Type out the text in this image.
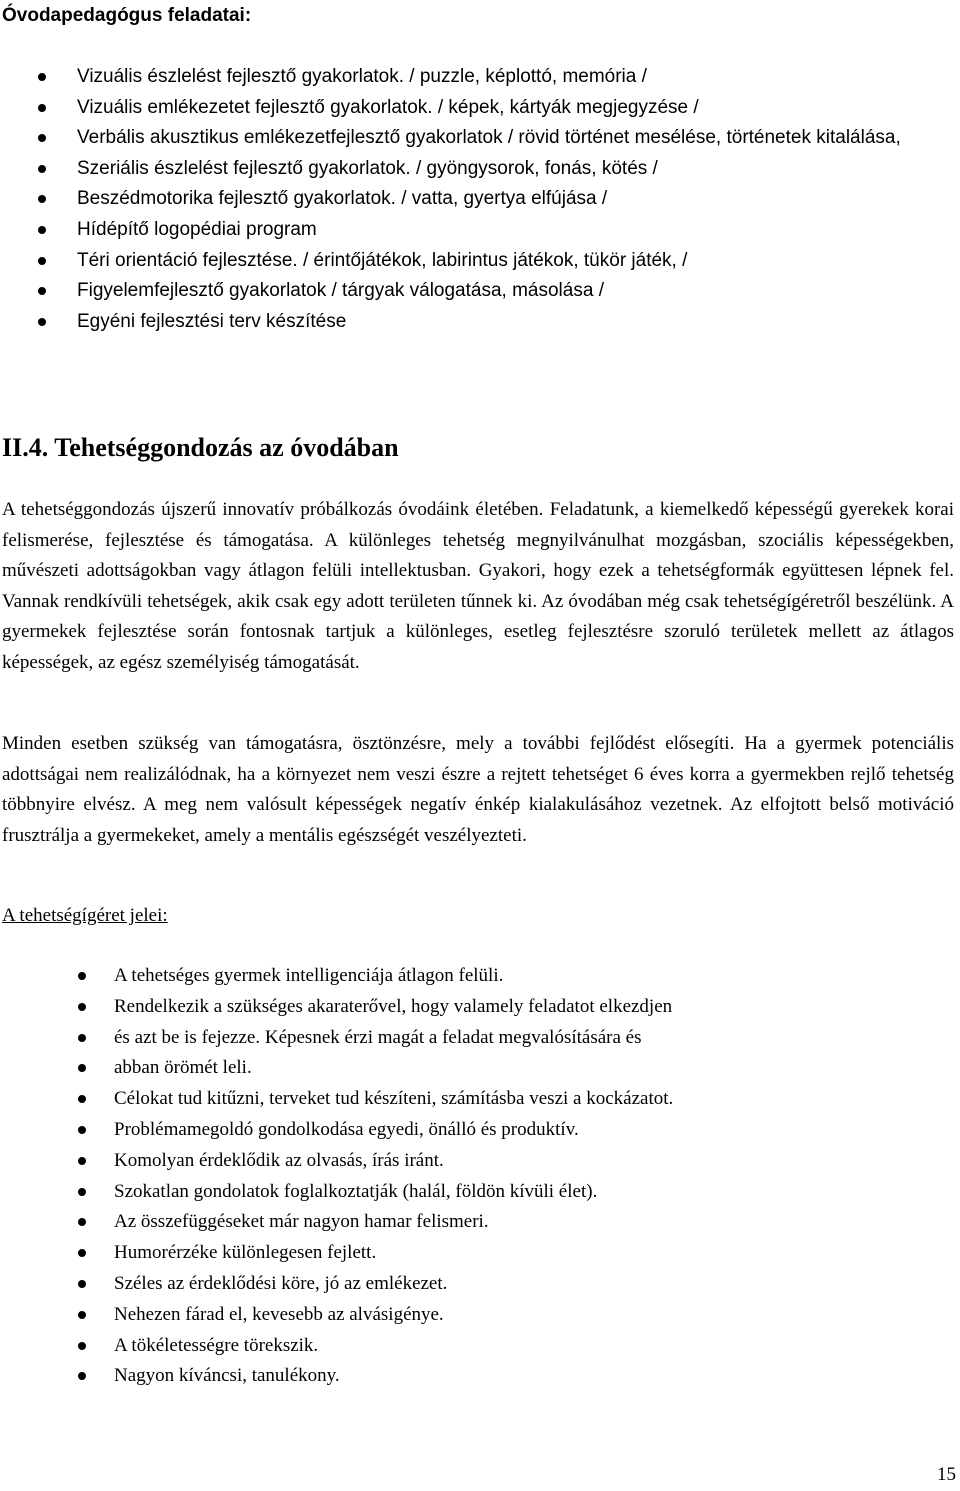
Óvodapedagógus feladatai:
Vizuális észlelést fejlesztő gyakorlatok. / puzzle, képlottó, memória /
Vizuális emlékezetet fejlesztő gyakorlatok. / képek, kártyák megjegyzése /
Verbális akusztikus emlékezetfejlesztő gyakorlatok / rövid történet mesélése, történetek kitalálása,
Szeriális észlelést fejlesztő gyakorlatok. / gyöngysorok, fonás, kötés /
Beszédmotorika fejlesztő gyakorlatok. / vatta, gyertya elfújása /
Hídépítő logopédiai program
Téri orientáció fejlesztése. / érintőjátékok, labirintus játékok, tükör játék, /
Figyelemfejlesztő gyakorlatok / tárgyak válogatása, másolása /
Egyéni fejlesztési terv készítése
II.4. Tehetséggondozás az óvodában

A tehetséggondozás újszerű innovatív próbálkozás óvodáink életében. Feladatunk, a kiemelkedő képességű gyerekek korai felismerése, fejlesztése és támogatása. A különleges tehetség megnyilvánulhat mozgásban, szociális képességekben, művészeti adottságokban vagy átlagon felüli intellektusban. Gyakori, hogy ezek a tehetségformák együttesen lépnek fel. Vannak rendkívüli tehetségek, akik csak egy adott területen tűnnek ki. Az óvodában még csak tehetségígéretről beszélünk. A gyermekek fejlesztése során fontosnak tartjuk a különleges, esetleg fejlesztésre szoruló területek mellett az átlagos képességek, az egész személyiség támogatását.

Minden esetben szükség van támogatásra, ösztönzésre, mely a további fejlődést elősegíti. Ha a gyermek potenciális adottságai nem realizálódnak, ha a környezet nem veszi észre a rejtett tehetséget 6 éves korra a gyermekben rejlő tehetség többnyire elvész. A meg nem valósult képességek negatív énkép kialakulásához vezetnek. Az elfojtott belső motiváció frusztrálja a gyermekeket, amely a mentális egészségét veszélyezteti.

A tehetségígéret jelei:

A tehetséges gyermek intelligenciája átlagon felüli.
Rendelkezik a szükséges akaraterővel, hogy valamely feladatot elkezdjen
és azt be is fejezze. Képesnek érzi magát a feladat megvalósítására és
abban örömét leli.
Célokat tud kitűzni, terveket tud készíteni, számításba veszi a kockázatot.
Problémamegoldó gondolkodása egyedi, önálló és produktív.
Komolyan érdeklődik az olvasás, írás iránt.
Szokatlan gondolatok foglalkoztatják (halál, földön kívüli élet).
Az összefüggéseket már nagyon hamar felismeri.
Humorérzéke különlegesen fejlett.
Széles az érdeklődési köre, jó az emlékezet.
Nehezen fárad el, kevesebb az alvásigénye.
A tökéletességre törekszik.
Nagyon kíváncsi, tanulékony.
15
